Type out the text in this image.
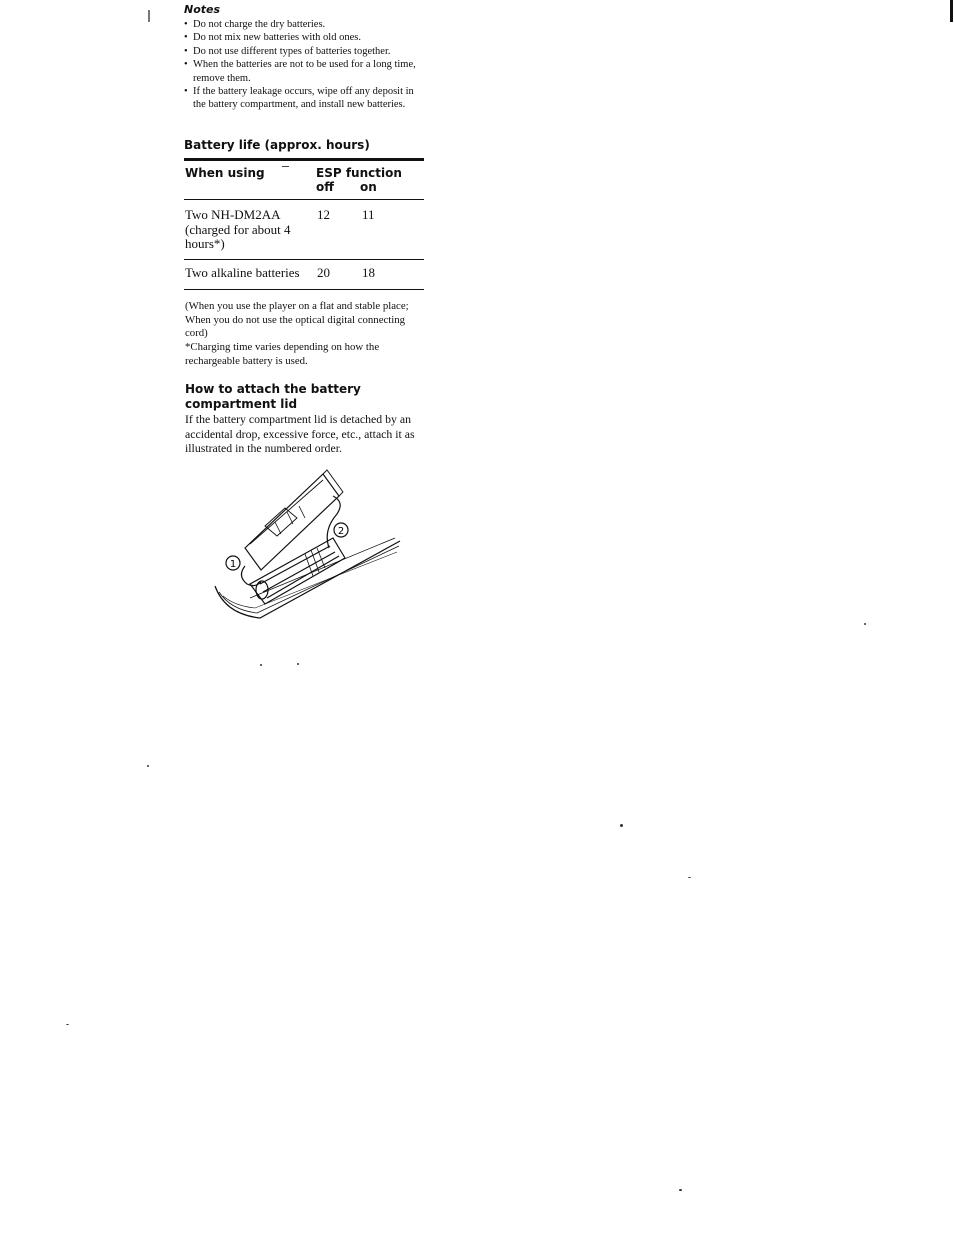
Notes
• Do not charge the dry batteries.
• Do not mix new batteries with old ones.
• Do not use different types of batteries together.
• When the batteries are not to be used for a long time, remove them.
• If the battery leakage occurs, wipe off any deposit in the battery compartment, and install new batteries.
Battery life (approx. hours)
When using	ESP function
off on
Two NH-DM2AA (charged for about 4 hours*)
12 11
Two alkaline batteries	20 18

(When you use the player on a flat and stable place; When you do not use the optical digital connecting cord)

*Charging time varies depending on how the rechargeable battery is used.

How to attach the battery compartment lid
If the battery compartment lid is detached by an accidental drop, excessive force, etc., attach it as illustrated in the numbered order.
1
2
